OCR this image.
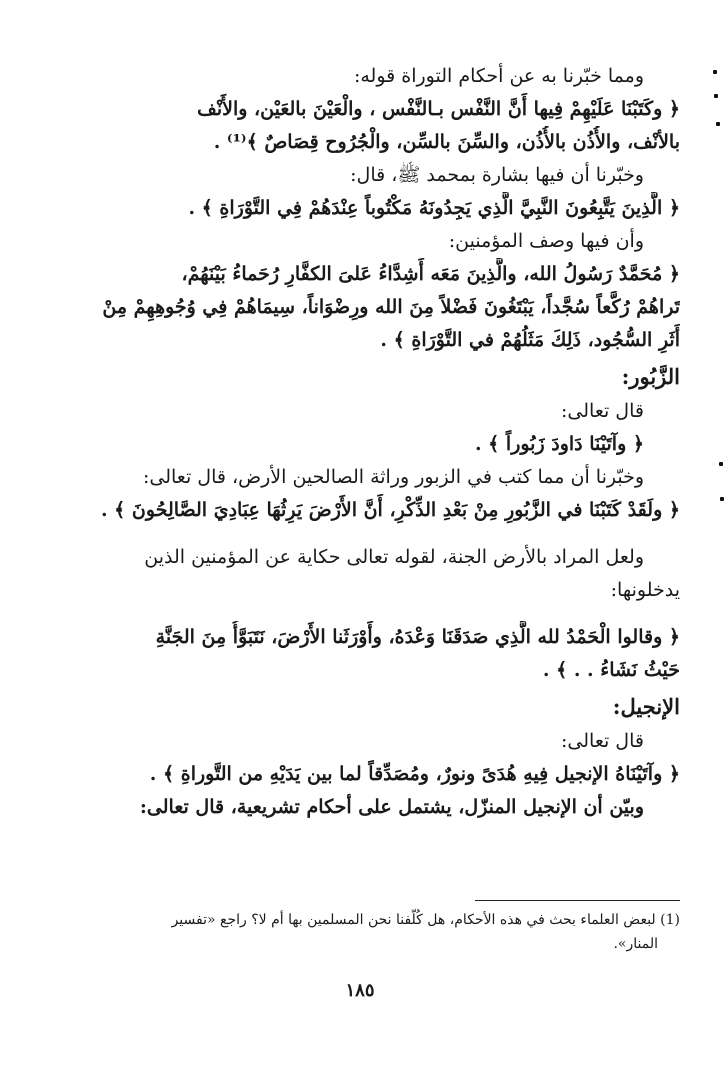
ومما خبّرنا به عن أحكام التوراة قوله:
﴿ وكَتَبْنَا عَلَيْهِمْ فِيها أَنَّ النَّفْس بـالنَّفْس ، والْعَيْنَ بالعَيْن، والأَنْف
بالأنْف، والأُذُن بالأُذُن، والسِّنَ بالسِّن، والْجُرُوح قِصَاصٌ ﴾⁽¹⁾ .
وخبّرنا أن فيها بشارة بمحمد ﷺ، قال:
﴿ الَّذِينَ يَتَّبِعُونَ النَّبِيَّ الَّذِي يَجِدُونَهُ مَكْتُوباً عِنْدَهُمْ فِي التَّوْرَاةِ ﴾ .
وأن فيها وصف المؤمنين:
﴿ مُحَمَّدٌ رَسُولُ الله، والَّذِينَ مَعَه أَشِدَّاءُ عَلىَ الكفَّارِ رُحَماءُ بَيْنَهُمْ،
تَراهُمْ رُكَّعاً سُجَّداً، يَبْتَغُونَ فَضْلاً مِنَ الله ورِضْوَاناً، سِيمَاهُمْ فِي وُجُوهِهِمْ مِنْ
أَثَرِ السُّجُود، ذَلِكَ مَثَلُهُمْ في التَّوْرَاةِ ﴾ .
الزَّبُور:
قال تعالى:
﴿ وآتَيْنَا دَاودَ زَبُوراً ﴾ .
وخبّرنا أن مما كتب في الزبور وراثة الصالحين الأرض، قال تعالى:
﴿ ولَقَدْ كَتَبْنَا في الزَّبُورِ مِنْ بَعْدِ الذِّكْرِ، أَنَّ الأَرْضَ يَرِثُهَا عِبَادِيَ الصَّالِحُونَ ﴾ .
ولعل المراد بالأرض الجنة، لقوله تعالى حكاية عن المؤمنين الذين
يدخلونها:
﴿ وقالوا الْحَمْدُ لله الَّذِي صَدَقَنَا وَعْدَهُ، وأَوْرَثَنا الأَرْضَ، نَتَبَوَّأُ مِنَ الجَنَّةِ
حَيْثُ نَشَاءُ . . ﴾ .
الإنجيل:
قال تعالى:
﴿ وآتَيْنَاهُ الإنجيل فِيهِ هُدَىً ونورٌ، ومُصَدِّقاً لما بين يَدَيْهِ من التَّوراةِ ﴾ .
وبيّن أن الإنجيل المنزّل، يشتمل على أحكام تشريعية، قال تعالى:
(1) لبعض العلماء بحث في هذه الأحكام، هل كُلّفنا نحن المسلمين بها أم لا؟ راجع «تفسير
المنار».
١٨٥
